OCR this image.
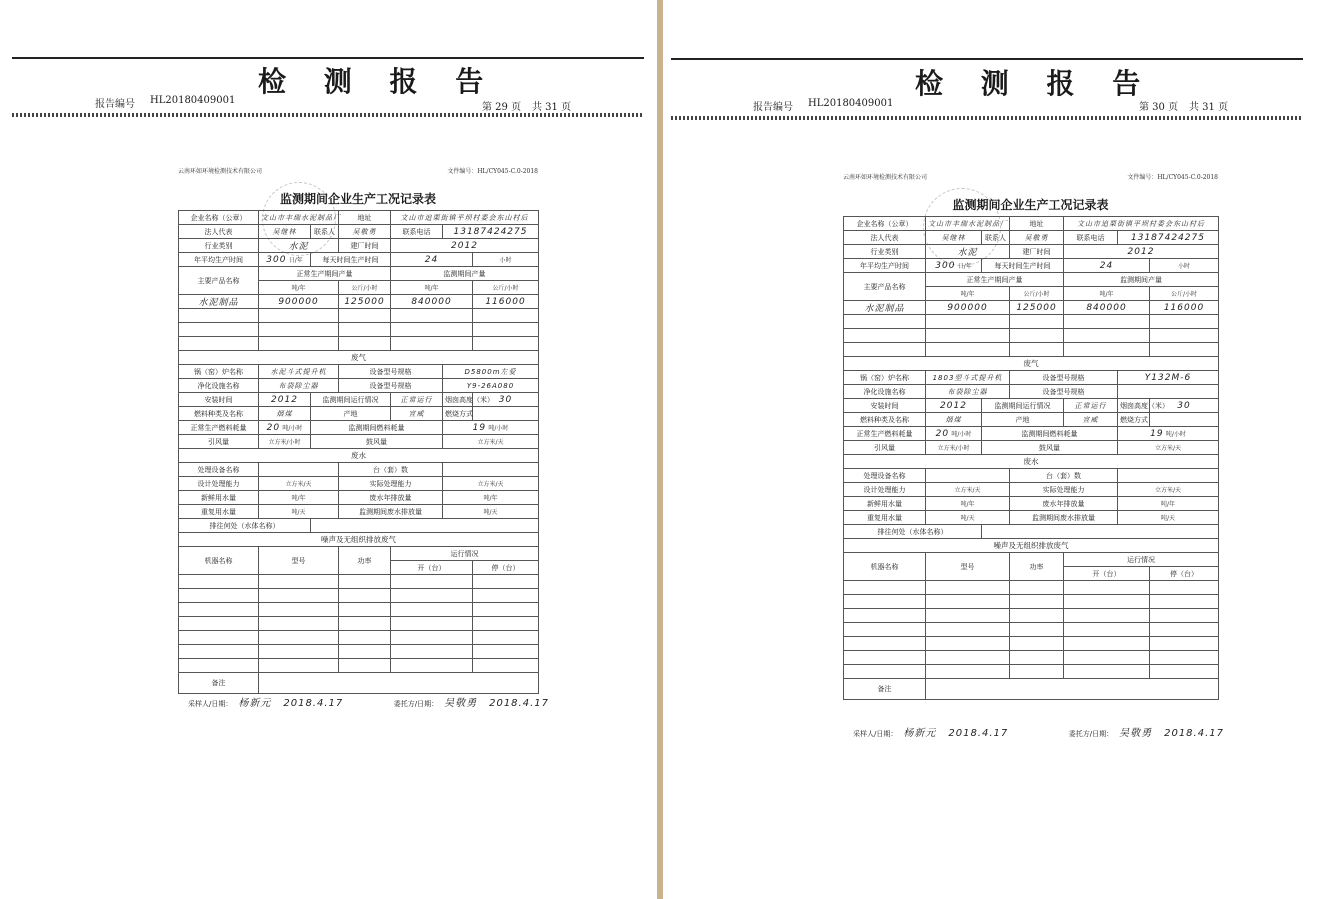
检 测 报 告
报告编号 HL20180409001
第 29 页 共 31 页
云南环如环境检测技术有限公司	文件编号：HL/CY045-C.0-2018
监测期间企业生产工况记录表
企业名称（公章）	文山市丰瑞水泥制品厂		地址	文山市追栗街镇平坝村委会东山村后		
法人代表	吴继林	联系人	吴敬勇	联系电话	13187424275	
行业类别	水泥		建厂时间	2012		
年平均生产时间	300 日/年	每天时间生产时间		24		小时
主要产品名称	正常生产期间产量			监测期间产量		
	吨/年		公斤/小时	吨/年		公斤/小时
水泥制品	900000		125000	840000		116000

废气						
锅（窑）炉名称	水泥斗式提升机		设备型号规格		D5800m左爱	
净化设施名称	布袋除尘器		设备型号规格		Y9-26A080	
安装时间	2012	监测期间运行情况		正常运行	烟囱高度（米）	30
燃料种类及名称	烟煤	产地		宣威	燃烧方式	
正常生产燃料耗量	20 吨/小时	监测期间燃料耗量			19 吨/小时	
引风量	立方米/小时	鼓风量			立方米/天	
废水						
处理设备名称			台（套）数			
设计处理能力	立方米/天		实际处理能力		立方米/天	
新鲜用水量	吨/年		废水年排放量		吨/年	
重复用水量	吨/天		监测期间废水排放量		吨/天	
排往何处（水体名称）						
噪声及无组织排放废气						
机器名称	型号		功率	运行情况		
				开（台）		停（台）

备注						
采样人/日期： 杨新元 2018.4.17	委托方/日期： 吴敬勇 2018.4.17
检 测 报 告
报告编号 HL20180409001	第 30 页 共 31 页
云南环如环境检测技术有限公司	文件编号：HL/CY045-C.0-2018
监测期间企业生产工况记录表
企业名称（公章）	文山市丰瑞水泥制品厂		地址	文山市追栗街镇平坝村委会东山村后		
法人代表	吴继林	联系人	吴敬勇	联系电话	13187424275	
行业类别	水泥		建厂时间	2012		
年平均生产时间	300 日/年	每天时间生产时间		24		小时
主要产品名称	正常生产期间产量			监测期间产量		
	吨/年		公斤/小时	吨/年		公斤/小时
水泥制品	900000		125000	840000		116000

废气						
锅（窑）炉名称	1803型斗式提升机		设备型号规格		Y132M-6	
净化设施名称	布袋除尘器		设备型号规格			
安装时间	2012	监测期间运行情况		正常运行	烟囱高度（米）	30
燃料种类及名称	烟煤	产地		宣威	燃烧方式	
正常生产燃料耗量	20 吨/小时	监测期间燃料耗量			19 吨/小时	
引风量	立方米/小时	鼓风量			立方米/天	
废水						
处理设备名称			台（套）数			
设计处理能力	立方米/天		实际处理能力		立方米/天	
新鲜用水量	吨/年		废水年排放量		吨/年	
重复用水量	吨/天		监测期间废水排放量		吨/天	
排往何处（水体名称）						
噪声及无组织排放废气						
机器名称	型号		功率	运行情况		
				开（台）		停（台）

备注						
采样人/日期： 杨新元 2018.4.17	委托方/日期： 吴敬勇 2018.4.17
